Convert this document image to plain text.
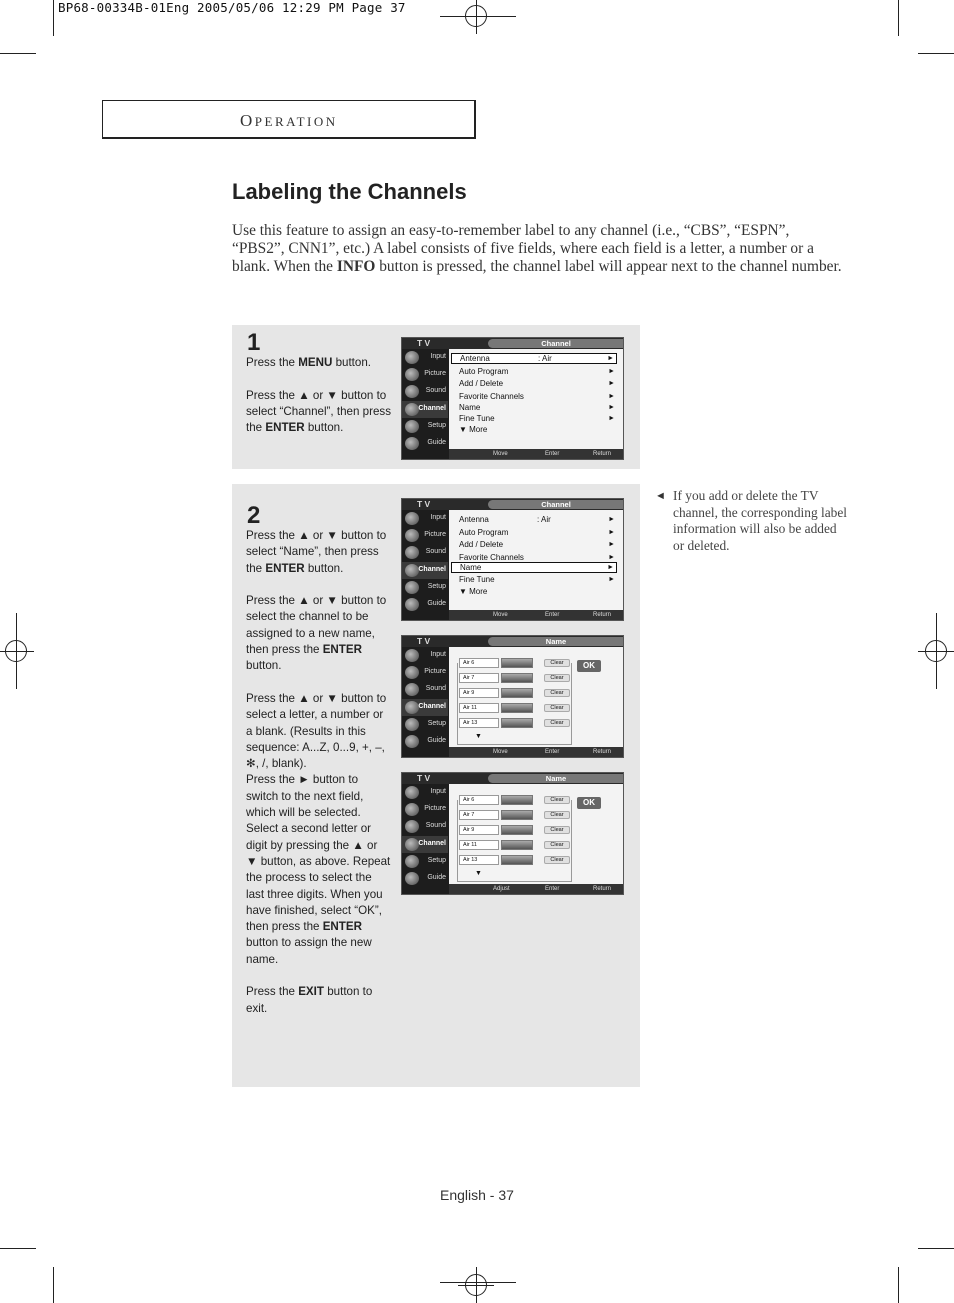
BP68-00334B-01Eng 2005/05/06 12:29 PM Page 37
OPERATION
Labeling the Channels
Use this feature to assign an easy-to-remember label to any channel (i.e., “CBS”, “ESPN”, “PBS2”, CNN1”, etc.) A label consists of five fields, where each field is a letter, a number or a blank. When the INFO button is pressed, the channel label will appear next to the channel number.
1

Press the MENU button.

Press the ▲ or ▼ button to select “Channel”, then press the ENTER button.

T V	Channel
Input
Picture
Sound
Channel
Setup
Guide
Antenna	: Air	►
Auto Program	►
Add / Delete	►
Favorite Channels	►
Name	►
Fine Tune	►
▼ More
Move	Enter	Return
2

Press the ▲ or ▼ button to select “Name”, then press the ENTER button.

Press the ▲ or ▼ button to select the channel to be assigned to a new name, then press the ENTER button.

Press the ▲ or ▼ button to select a letter, a number or a blank. (Results in this sequence: A...Z, 0...9, +, –, ✻, /, blank).

Press the ► button to switch to the next field, which will be selected. Select a second letter or digit by pressing the ▲ or ▼ button, as above. Repeat the process to select the last three digits. When you have finished, select “OK”, then press the ENTER button to assign the new name.

Press the EXIT button to exit.

T V	Channel
Input
Picture
Sound
Channel
Setup
Guide
Antenna	: Air	►
Auto Program	►
Add / Delete	►
Favorite Channels	►
Name	►
Fine Tune	►
▼ More
Move	Enter	Return
T V	Name
Input
Picture
Sound
Channel
Setup
Guide
Air 6	Clear
Air 7	Clear
Air 9	Clear
Air 11	Clear
Air 13	Clear
▼
OK
Move	Enter	Return
T V	Name
Input
Picture
Sound
Channel
Setup
Guide
Air 6	Clear
Air 7	Clear
Air 9	Clear
Air 11	Clear
Air 13	Clear
▼
OK
Adjust	Enter	Return
◄ If you add or delete the TV channel, the corresponding label information will also be added or deleted.
English - 37
